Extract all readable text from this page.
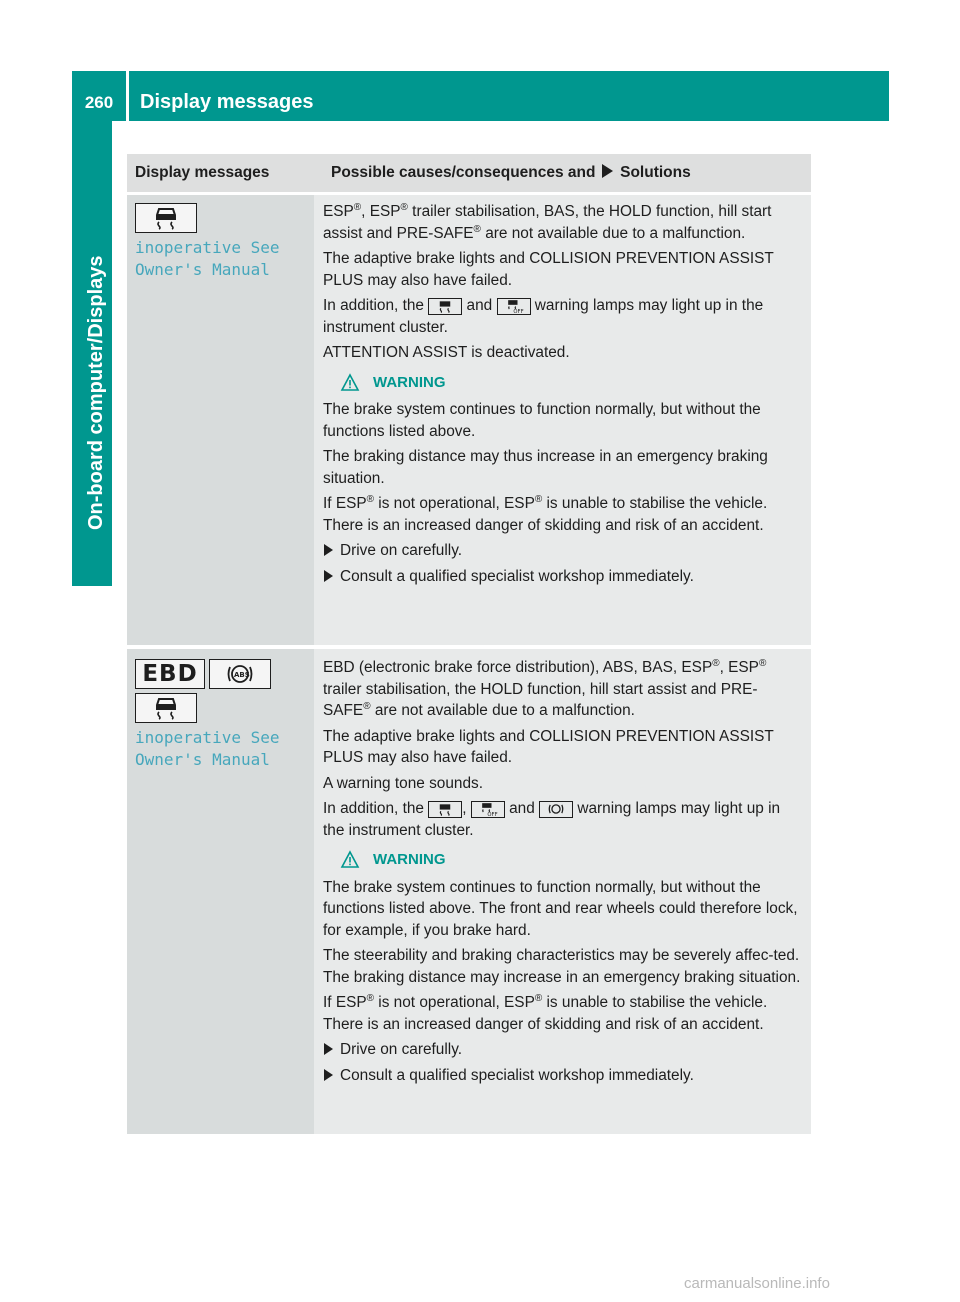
260	Display messages
On-board computer/Displays
Display messages	Possible causes/consequences and Solutions
inoperative See
Owner's Manual

ESP®, ESP® trailer stabilisation, BAS, the HOLD function, hill start assist and PRE-SAFE® are not available due to a malfunction.

The adaptive brake lights and COLLISION PREVENTION ASSIST PLUS may also have failed.

In addition, the	and OFF warning lamps may light up in the instrument cluster.

ATTENTION ASSIST is deactivated.

WARNING

The brake system continues to function normally, but without the functions listed above.

The braking distance may thus increase in an emergency braking situation.

If ESP® is not operational, ESP® is unable to stabilise the vehicle. There is an increased danger of skidding and risk of an accident.

Drive on carefully.
Consult a qualified specialist workshop immediately.
EBD	ABS
inoperative See
Owner's Manual

EBD (electronic brake force distribution), ABS, BAS, ESP®, ESP® trailer stabilisation, the HOLD function, hill start assist and PRE-SAFE® are not available due to a malfunction.

The adaptive brake lights and COLLISION PREVENTION ASSIST PLUS may also have failed.

A warning tone sounds.

In addition, the , OFF and	warning lamps may light up in the instrument cluster.

WARNING

The brake system continues to function normally, but without the functions listed above. The front and rear wheels could therefore lock, for example, if you brake hard.

The steerability and braking characteristics may be severely affec-ted. The braking distance may increase in an emergency braking situation.

If ESP® is not operational, ESP® is unable to stabilise the vehicle. There is an increased danger of skidding and risk of an accident.

Drive on carefully.
Consult a qualified specialist workshop immediately.
carmanualsonline.info
